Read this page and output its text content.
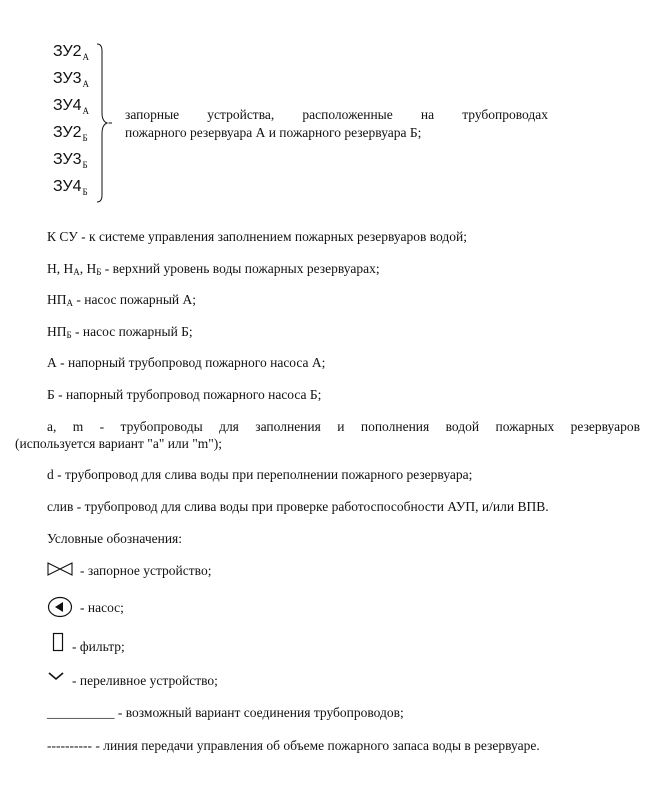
$ЗУ2_А$
$ЗУ3_А$
$ЗУ4_А$
$ЗУ2_Б$
$ЗУ3_Б$
$ЗУ4_Б$
- запорные устройства, расположенные на трубопроводах
пожарного резервуара А и пожарного резервуара Б;
К СУ - к системе управления заполнением пожарных резервуаров водой;
Н, $Н_А$, $Н_Б$ - верхний уровень воды пожарных резервуарах;
$НП_А$ - насос пожарный А;
$НП_Б$ - насос пожарный Б;
А - напорный трубопровод пожарного насоса А;
Б - напорный трубопровод пожарного насоса Б;
а, m - трубопроводы для заполнения и пополнения водой пожарных резервуаров
(используется вариант "а" или "m");
d - трубопровод для слива воды при переполнении пожарного резервуара;
слив - трубопровод для слива воды при проверке работоспособности АУП, и/или ВПВ.
Условные обозначения:
- запорное устройство;
- насос;
- фильтр;
- переливное устройство;
__________ - возможный вариант соединения трубопроводов;
---------- - линия передачи управления об объеме пожарного запаса воды в резервуаре.
